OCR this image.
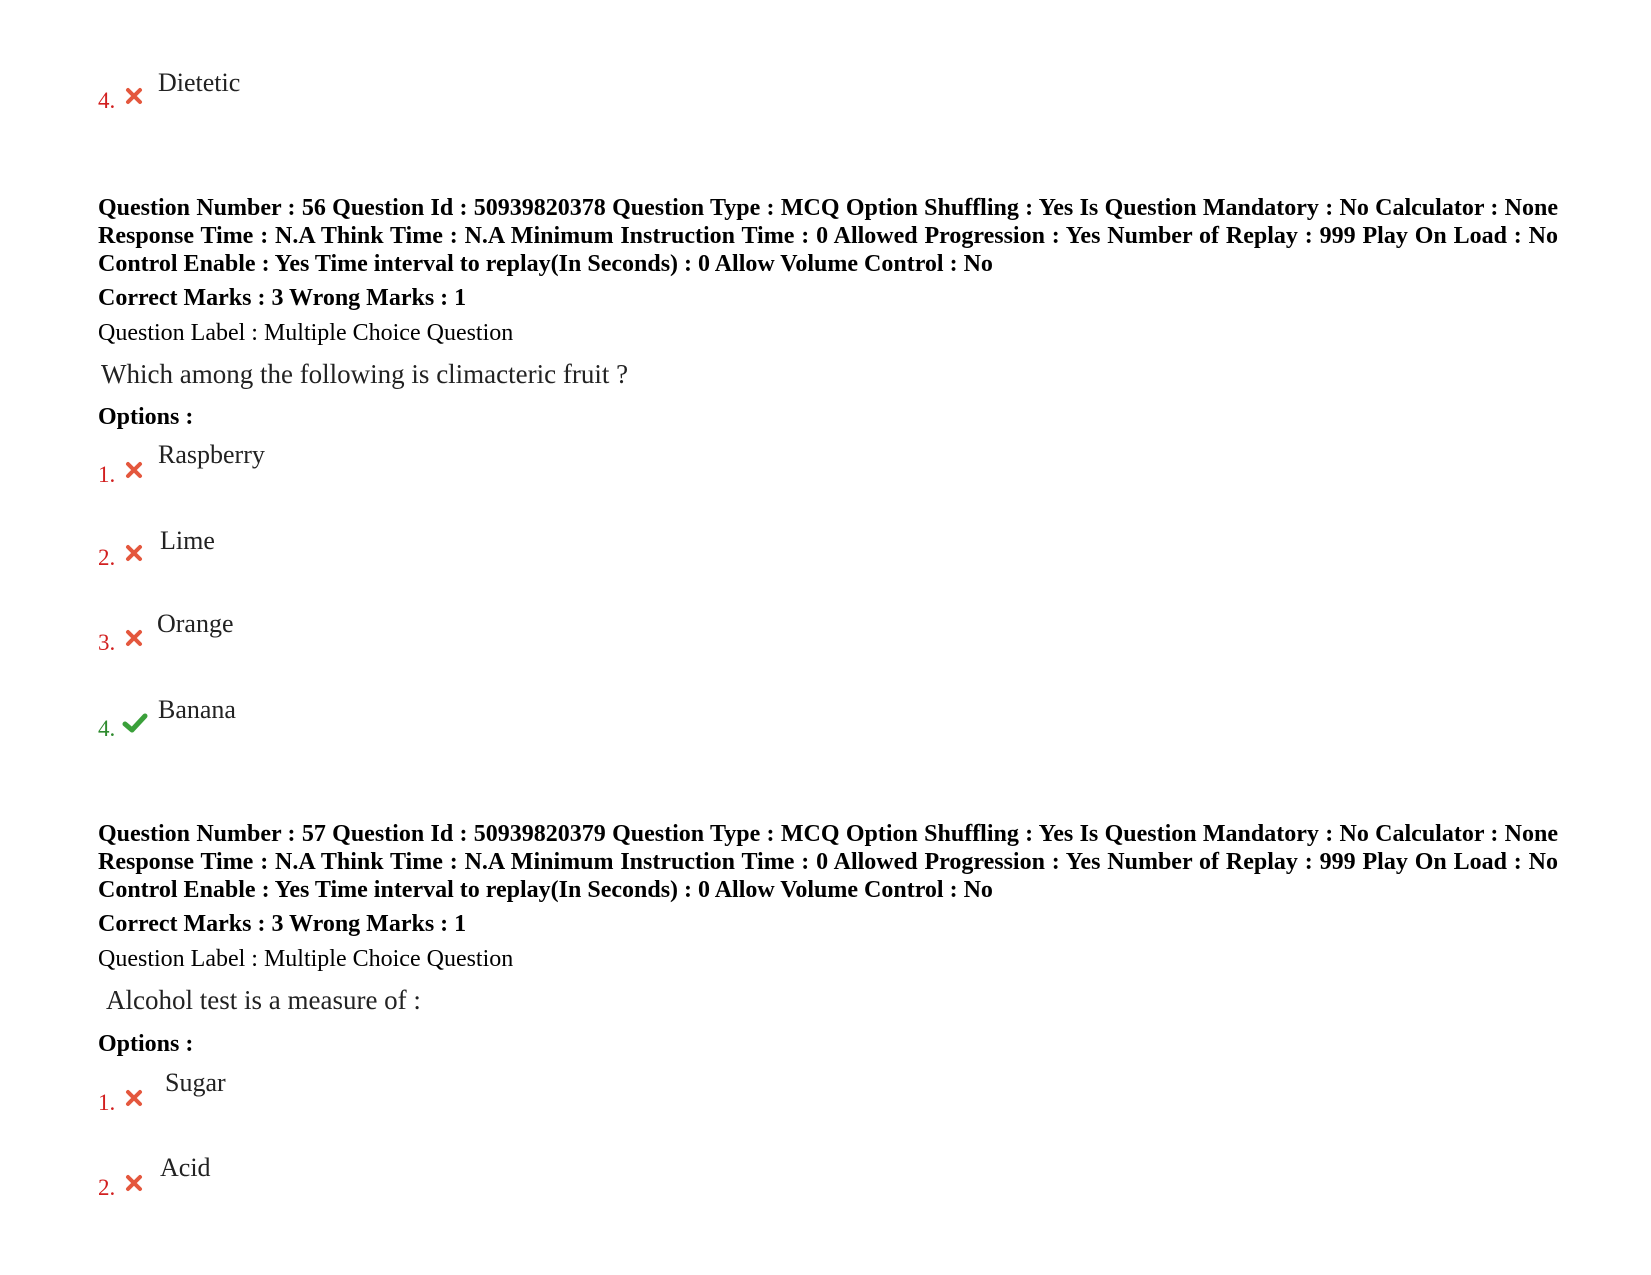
4.
Dietetic
Question Number : 56 Question Id : 50939820378 Question Type : MCQ Option Shuffling : Yes Is Question Mandatory : No Calculator : None Response Time : N.A Think Time : N.A Minimum Instruction Time : 0 Allowed Progression : Yes Number of Replay : 999 Play On Load : No Control Enable : Yes Time interval to replay(In Seconds) : 0 Allow Volume Control : No
Correct Marks : 3 Wrong Marks : 1
Question Label : Multiple Choice Question
Which among the following is climacteric fruit ?
Options :
1.
Raspberry
2.
Lime
3.
Orange
4.
Banana
Question Number : 57 Question Id : 50939820379 Question Type : MCQ Option Shuffling : Yes Is Question Mandatory : No Calculator : None Response Time : N.A Think Time : N.A Minimum Instruction Time : 0 Allowed Progression : Yes Number of Replay : 999 Play On Load : No Control Enable : Yes Time interval to replay(In Seconds) : 0 Allow Volume Control : No
Correct Marks : 3 Wrong Marks : 1
Question Label : Multiple Choice Question
Alcohol test is a measure of :
Options :
1.
Sugar
2.
Acid
